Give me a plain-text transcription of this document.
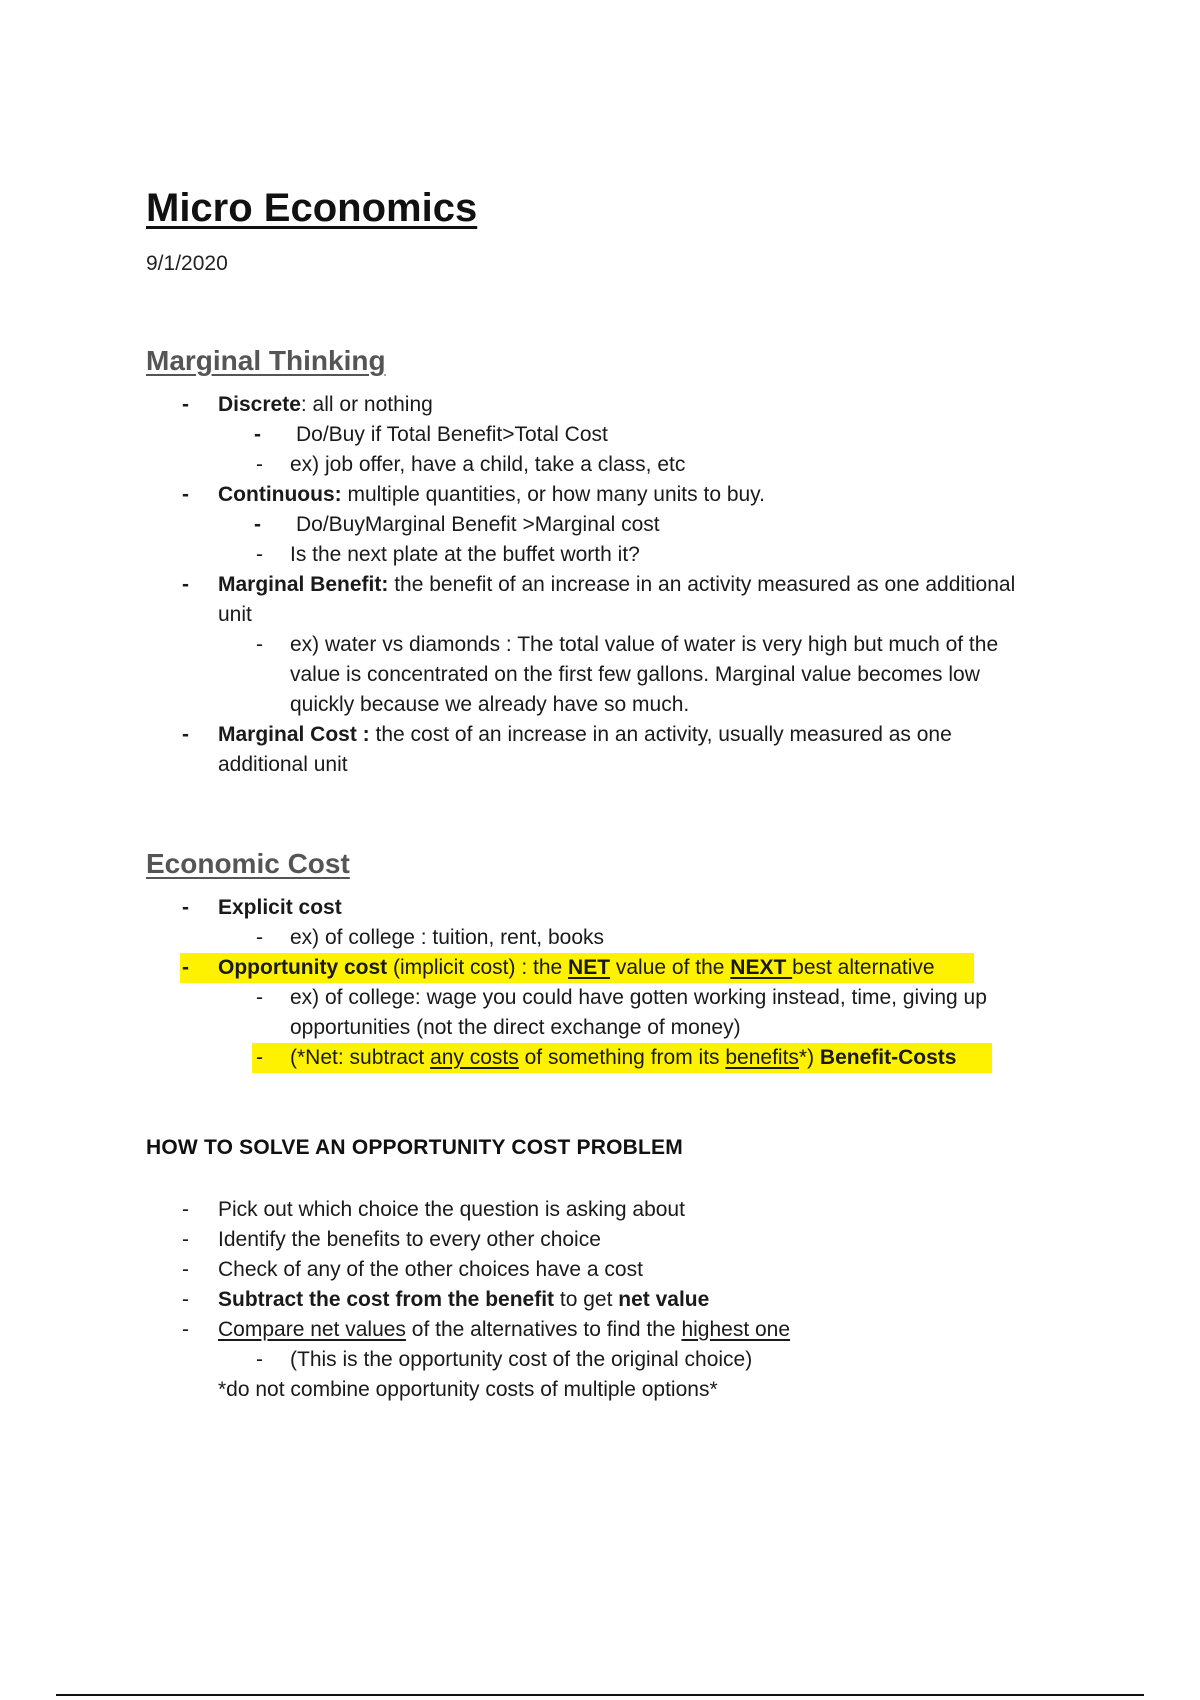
Micro Economics
9/1/2020
Marginal Thinking
- Discrete: all or nothing
- Do/Buy if Total Benefit>Total Cost
- ex) job offer, have a child, take a class, etc
- Continuous: multiple quantities, or how many units to buy.
- Do/BuyMarginal Benefit >Marginal cost
- Is the next plate at the buffet worth it?
- Marginal Benefit: the benefit of an increase in an activity measured as one additional
unit
- ex) water vs diamonds : The total value of water is very high but much of the
value is concentrated on the first few gallons. Marginal value becomes low
quickly because we already have so much.
- Marginal Cost : the cost of an increase in an activity, usually measured as one
additional unit
Economic Cost
- Explicit cost
- ex) of college : tuition, rent, books
- Opportunity cost (implicit cost) : the NET value of the NEXT best alternative
- ex) of college: wage you could have gotten working instead, time, giving up
opportunities (not the direct exchange of money)
- (*Net: subtract any costs of something from its benefits*) Benefit-Costs
HOW TO SOLVE AN OPPORTUNITY COST PROBLEM
- Pick out which choice the question is asking about
- Identify the benefits to every other choice
- Check of any of the other choices have a cost
- Subtract the cost from the benefit to get net value
- Compare net values of the alternatives to find the highest one
- (This is the opportunity cost of the original choice)
*do not combine opportunity costs of multiple options*
